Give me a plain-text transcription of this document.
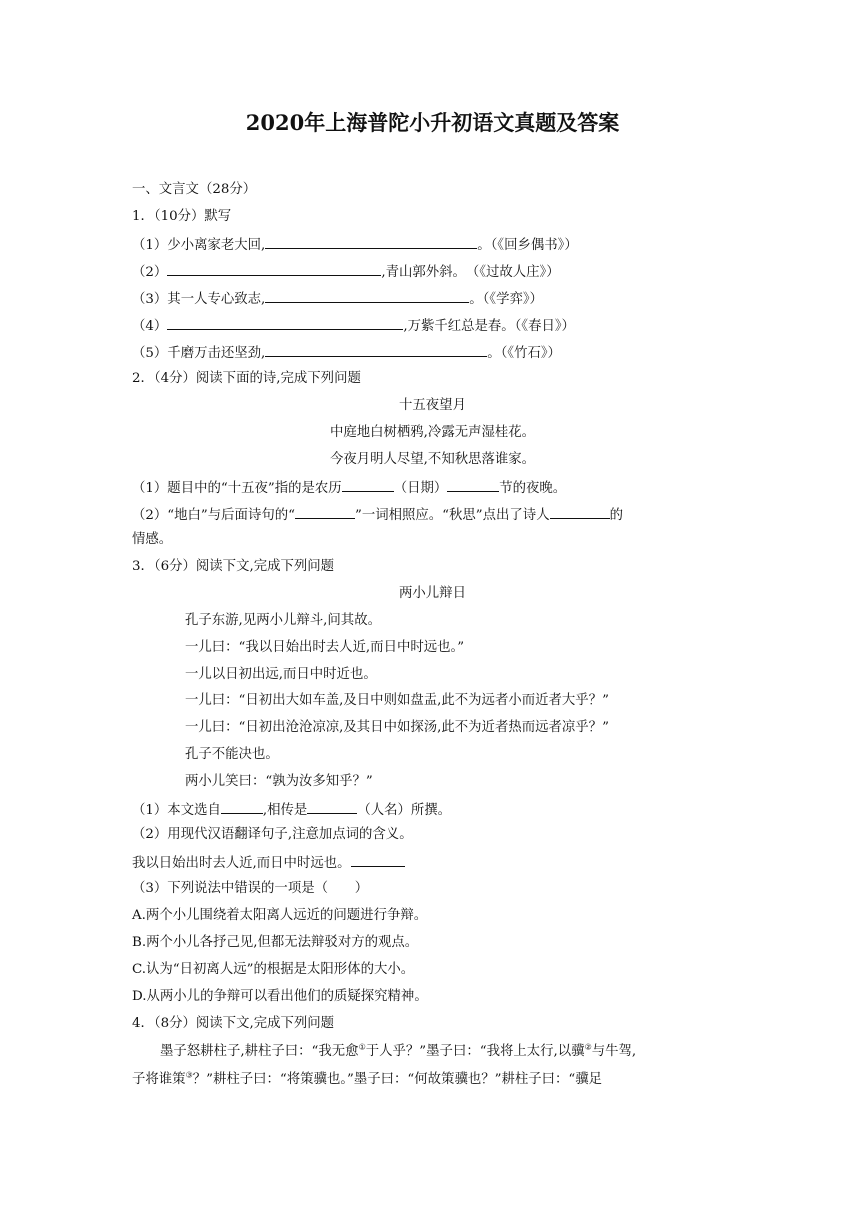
2020年上海普陀小升初语文真题及答案
一、文言文（28分）
1．（10分）默写
（1）少小离家老大回,	。（《回乡偶书》）
（2）	,青山郭外斜。　（《过故人庄》）
（3）其一人专心致志,	。（《学弈》）
（4）	,万紫千红总是春。（《春日》）
（5）千磨万击还坚劲,	。（《竹石》）
2．（4分）阅读下面的诗,完成下列问题
十五夜望月
中庭地白树栖鸦,冷露无声湿桂花。
今夜月明人尽望,不知秋思落谁家。
（1）题目中的“十五夜”指的是农历	（日期）	节的夜晚。
（2）“地白”与后面诗句的“	”一词相照应。“秋思”点出了诗人	的
情感。
3．（6分）阅读下文,完成下列问题
两小儿辩日
孔子东游,见两小儿辩斗,问其故。
一儿曰：“我以日始出时去人近,而日中时远也。”
一儿以日初出远,而日中时近也。
一儿曰：“日初出大如车盖,及日中则如盘盂,此不为远者小而近者大乎？”
一儿曰：“日初出沧沧凉凉,及其日中如探汤,此不为近者热而远者凉乎？”
孔子不能决也。
两小儿笑曰：“孰为汝多知乎？”
（1）本文选自	,相传是	（人名）所撰。
（2）用现代汉语翻译句子,注意加点词的含义。
我以日始出时去人近,而日中时远也。
（3）下列说法中错误的一项是（　　）
A.两个小儿围绕着太阳离人远近的问题进行争辩。
B.两个小儿各抒己见,但都无法辩驳对方的观点。
C.认为“日初离人远”的根据是太阳形体的大小。
D.从两小儿的争辩可以看出他们的质疑探究精神。
4．（8分）阅读下文,完成下列问题
墨子怒耕柱子,耕柱子曰：“我无愈①于人乎？”墨子曰：“我将上太行,以骥②与牛驾,
子将谁策③？”耕柱子曰：“将策骥也。”墨子曰：“何故策骥也？”耕柱子曰：“骥足
